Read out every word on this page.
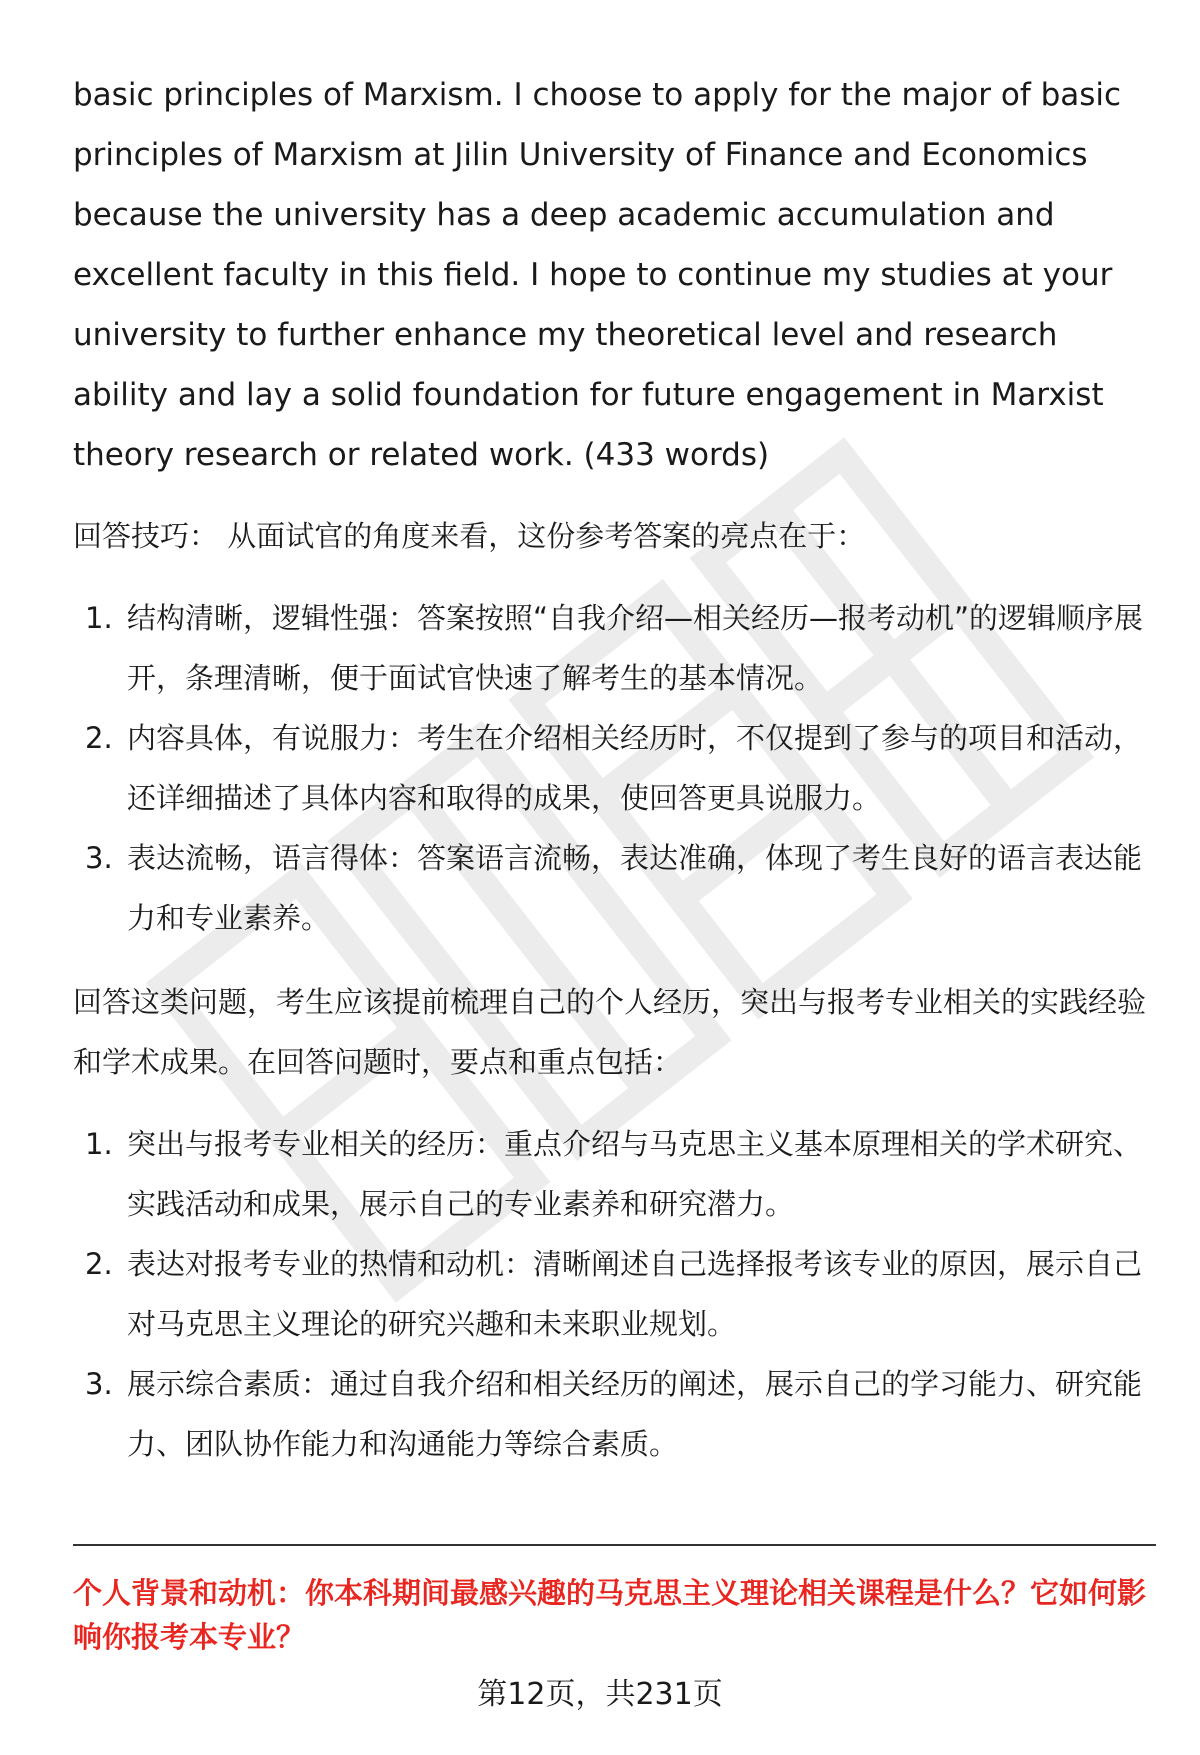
basic principles of Marxism. I choose to apply for the major of basic principles of Marxism at Jilin University of Finance and Economics because the university has a deep academic accumulation and excellent faculty in this field. I hope to continue my studies at your university to further enhance my theoretical level and research ability and lay a solid foundation for future engagement in Marxist theory research or related work. (433 words)

回答技巧： 从面试官的角度来看，这份参考答案的亮点在于：

1. 结构清晰，逻辑性强：答案按照“自我介绍—相关经历—报考动机”的逻辑顺序展开，条理清晰，便于面试官快速了解考生的基本情况。
2. 内容具体，有说服力：考生在介绍相关经历时，不仅提到了参与的项目和活动，还详细描述了具体内容和取得的成果，使回答更具说服力。
3. 表达流畅，语言得体：答案语言流畅，表达准确，体现了考生良好的语言表达能力和专业素养。

回答这类问题，考生应该提前梳理自己的个人经历，突出与报考专业相关的实践经验和学术成果。在回答问题时，要点和重点包括：

1. 突出与报考专业相关的经历：重点介绍与马克思主义基本原理相关的学术研究、实践活动和成果，展示自己的专业素养和研究潜力。
2. 表达对报考专业的热情和动机：清晰阐述自己选择报考该专业的原因，展示自己对马克思主义理论的研究兴趣和未来职业规划。
3. 展示综合素质：通过自我介绍和相关经历的阐述，展示自己的学习能力、研究能力、团队协作能力和沟通能力等综合素质。

个人背景和动机：你本科期间最感兴趣的马克思主义理论相关课程是什么？它如何影响你报考本专业？

第12页，共231页
